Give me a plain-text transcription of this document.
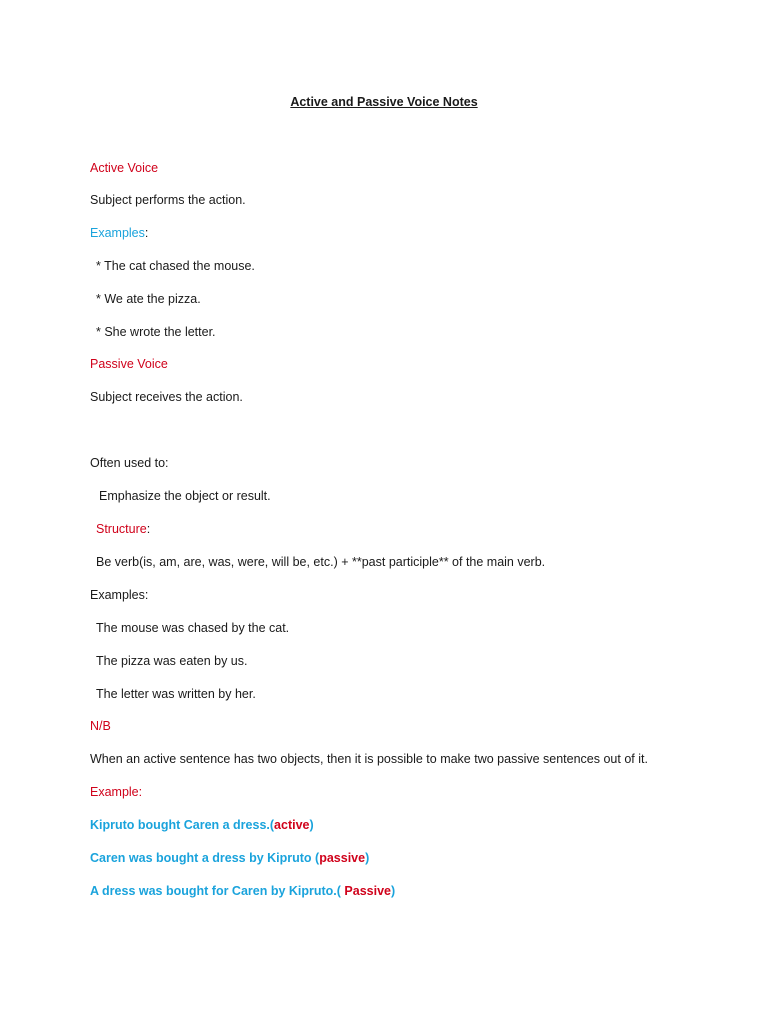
Active and Passive Voice Notes
Active Voice
Subject performs the action.
Examples:
* The cat chased the mouse.
* We ate the pizza.
* She wrote the letter.
Passive Voice
Subject receives the action.
Often used to:
Emphasize the object or result.
Structure:
Be verb(is, am, are, was, were, will be, etc.) + **past participle** of the main verb.
Examples:
The mouse was chased by the cat.
The pizza was eaten by us.
The letter was written by her.
N/B
When an active sentence has two objects, then it is possible to make two passive sentences out of it.
Example:
Kipruto bought Caren a dress.(active)
Caren was bought a dress by Kipruto (passive)
A dress was bought for Caren by Kipruto.( Passive)
